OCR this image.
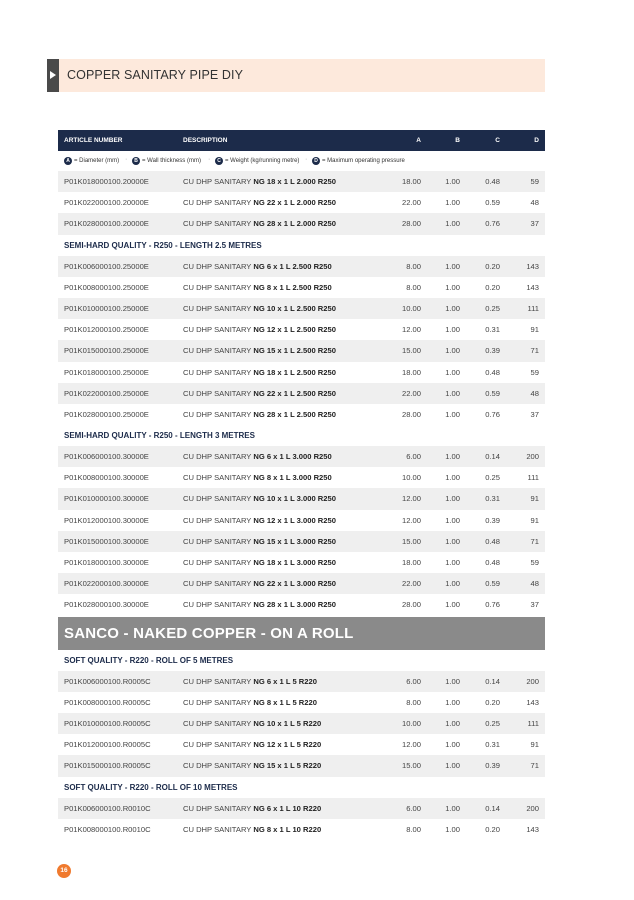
COPPER SANITARY PIPE DIY
ARTICLE NUMBER	DESCRIPTION	A	B	C	D
A = Diameter (mm) ·	B = Wall thickness (mm) ·	C = Weight (kg/running metre) ·	D = Maximum operating pressure
P01K018000100.20000E	CU DHP SANITARY NG 18 x 1 L 2.000 R250	18.00	1.00	0.48	59
P01K022000100.20000E	CU DHP SANITARY NG 22 x 1 L 2.000 R250	22.00	1.00	0.59	48
P01K028000100.20000E	CU DHP SANITARY NG 28 x 1 L 2.000 R250	28.00	1.00	0.76	37
SEMI-HARD QUALITY - R250 - LENGTH 2.5 METRES
P01K006000100.25000E	CU DHP SANITARY NG 6 x 1 L 2.500 R250	8.00	1.00	0.20	143
P01K008000100.25000E	CU DHP SANITARY NG 8 x 1 L 2.500 R250	8.00	1.00	0.20	143
P01K010000100.25000E	CU DHP SANITARY NG 10 x 1 L 2.500 R250	10.00	1.00	0.25	111
P01K012000100.25000E	CU DHP SANITARY NG 12 x 1 L 2.500 R250	12.00	1.00	0.31	91
P01K015000100.25000E	CU DHP SANITARY NG 15 x 1 L 2.500 R250	15.00	1.00	0.39	71
P01K018000100.25000E	CU DHP SANITARY NG 18 x 1 L 2.500 R250	18.00	1.00	0.48	59
P01K022000100.25000E	CU DHP SANITARY NG 22 x 1 L 2.500 R250	22.00	1.00	0.59	48
P01K028000100.25000E	CU DHP SANITARY NG 28 x 1 L 2.500 R250	28.00	1.00	0.76	37
SEMI-HARD QUALITY - R250 - LENGTH 3 METRES
P01K006000100.30000E	CU DHP SANITARY NG 6 x 1 L 3.000 R250	6.00	1.00	0.14	200
P01K008000100.30000E	CU DHP SANITARY NG 8 x 1 L 3.000 R250	10.00	1.00	0.25	111
P01K010000100.30000E	CU DHP SANITARY NG 10 x 1 L 3.000 R250	12.00	1.00	0.31	91
P01K012000100.30000E	CU DHP SANITARY NG 12 x 1 L 3.000 R250	12.00	1.00	0.39	91
P01K015000100.30000E	CU DHP SANITARY NG 15 x 1 L 3.000 R250	15.00	1.00	0.48	71
P01K018000100.30000E	CU DHP SANITARY NG 18 x 1 L 3.000 R250	18.00	1.00	0.48	59
P01K022000100.30000E	CU DHP SANITARY NG 22 x 1 L 3.000 R250	22.00	1.00	0.59	48
P01K028000100.30000E	CU DHP SANITARY NG 28 x 1 L 3.000 R250	28.00	1.00	0.76	37
SANCO - NAKED COPPER - ON A ROLL
SOFT QUALITY - R220 - ROLL OF 5 METRES
P01K006000100.R0005C	CU DHP SANITARY NG 6 x 1 L 5 R220	6.00	1.00	0.14	200
P01K008000100.R0005C	CU DHP SANITARY NG 8 x 1 L 5 R220	8.00	1.00	0.20	143
P01K010000100.R0005C	CU DHP SANITARY NG 10 x 1 L 5 R220	10.00	1.00	0.25	111
P01K012000100.R0005C	CU DHP SANITARY NG 12 x 1 L 5 R220	12.00	1.00	0.31	91
P01K015000100.R0005C	CU DHP SANITARY NG 15 x 1 L 5 R220	15.00	1.00	0.39	71
SOFT QUALITY - R220 - ROLL OF 10 METRES
P01K006000100.R0010C	CU DHP SANITARY NG 6 x 1 L 10 R220	6.00	1.00	0.14	200
P01K008000100.R0010C	CU DHP SANITARY NG 8 x 1 L 10 R220	8.00	1.00	0.20	143
16
